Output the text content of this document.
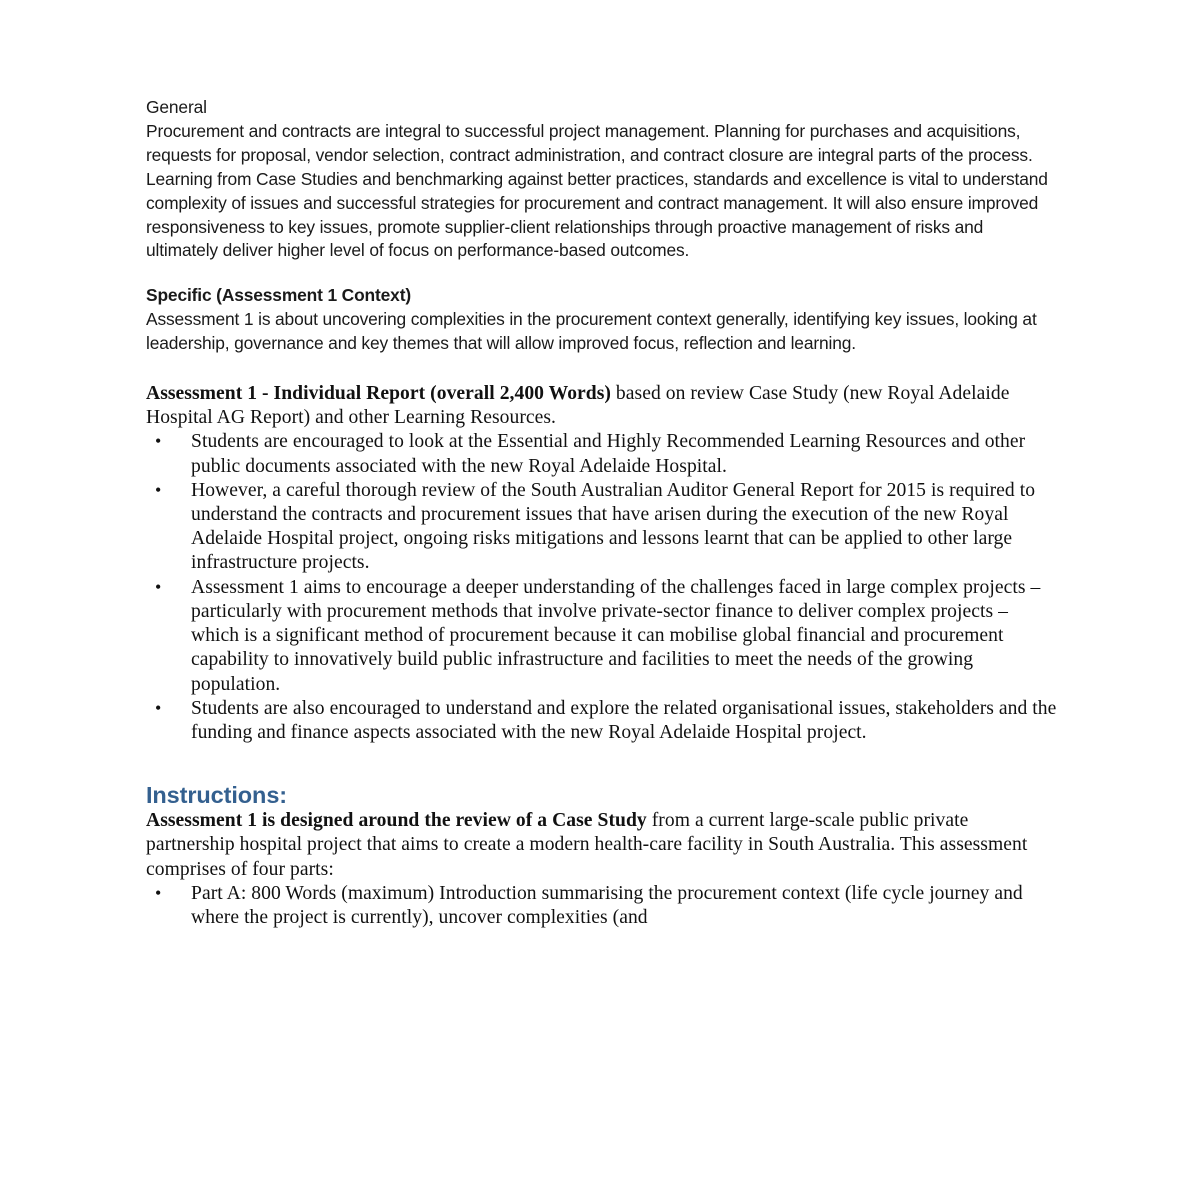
General

Procurement and contracts are integral to successful project management. Planning for purchases and acquisitions, requests for proposal, vendor selection, contract administration, and contract closure are integral parts of the process. Learning from Case Studies and benchmarking against better practices, standards and excellence is vital to understand complexity of issues and successful strategies for procurement and contract management. It will also ensure improved responsiveness to key issues, promote supplier-client relationships through proactive management of risks and ultimately deliver higher level of focus on performance-based outcomes.

Specific (Assessment 1 Context)

Assessment 1 is about uncovering complexities in the procurement context generally, identifying key issues, looking at leadership, governance and key themes that will allow improved focus, reflection and learning.

Assessment 1 - Individual Report (overall 2,400 Words) based on review Case Study (new Royal Adelaide Hospital AG Report) and other Learning Resources.

• Students are encouraged to look at the Essential and Highly Recommended Learning Resources and other public documents associated with the new Royal Adelaide Hospital.
• However, a careful thorough review of the South Australian Auditor General Report for 2015 is required to understand the contracts and procurement issues that have arisen during the execution of the new Royal Adelaide Hospital project, ongoing risks mitigations and lessons learnt that can be applied to other large infrastructure projects.
• Assessment 1 aims to encourage a deeper understanding of the challenges faced in large complex projects – particularly with procurement methods that involve private-sector finance to deliver complex projects – which is a significant method of procurement because it can mobilise global financial and procurement capability to innovatively build public infrastructure and facilities to meet the needs of the growing population.
• Students are also encouraged to understand and explore the related organisational issues, stakeholders and the funding and finance aspects associated with the new Royal Adelaide Hospital project.

Instructions:

Assessment 1 is designed around the review of a Case Study from a current large-scale public private partnership hospital project that aims to create a modern health-care facility in South Australia. This assessment comprises of four parts:

• Part A: 800 Words (maximum) Introduction summarising the procurement context (life cycle journey and where the project is currently), uncover complexities (and
